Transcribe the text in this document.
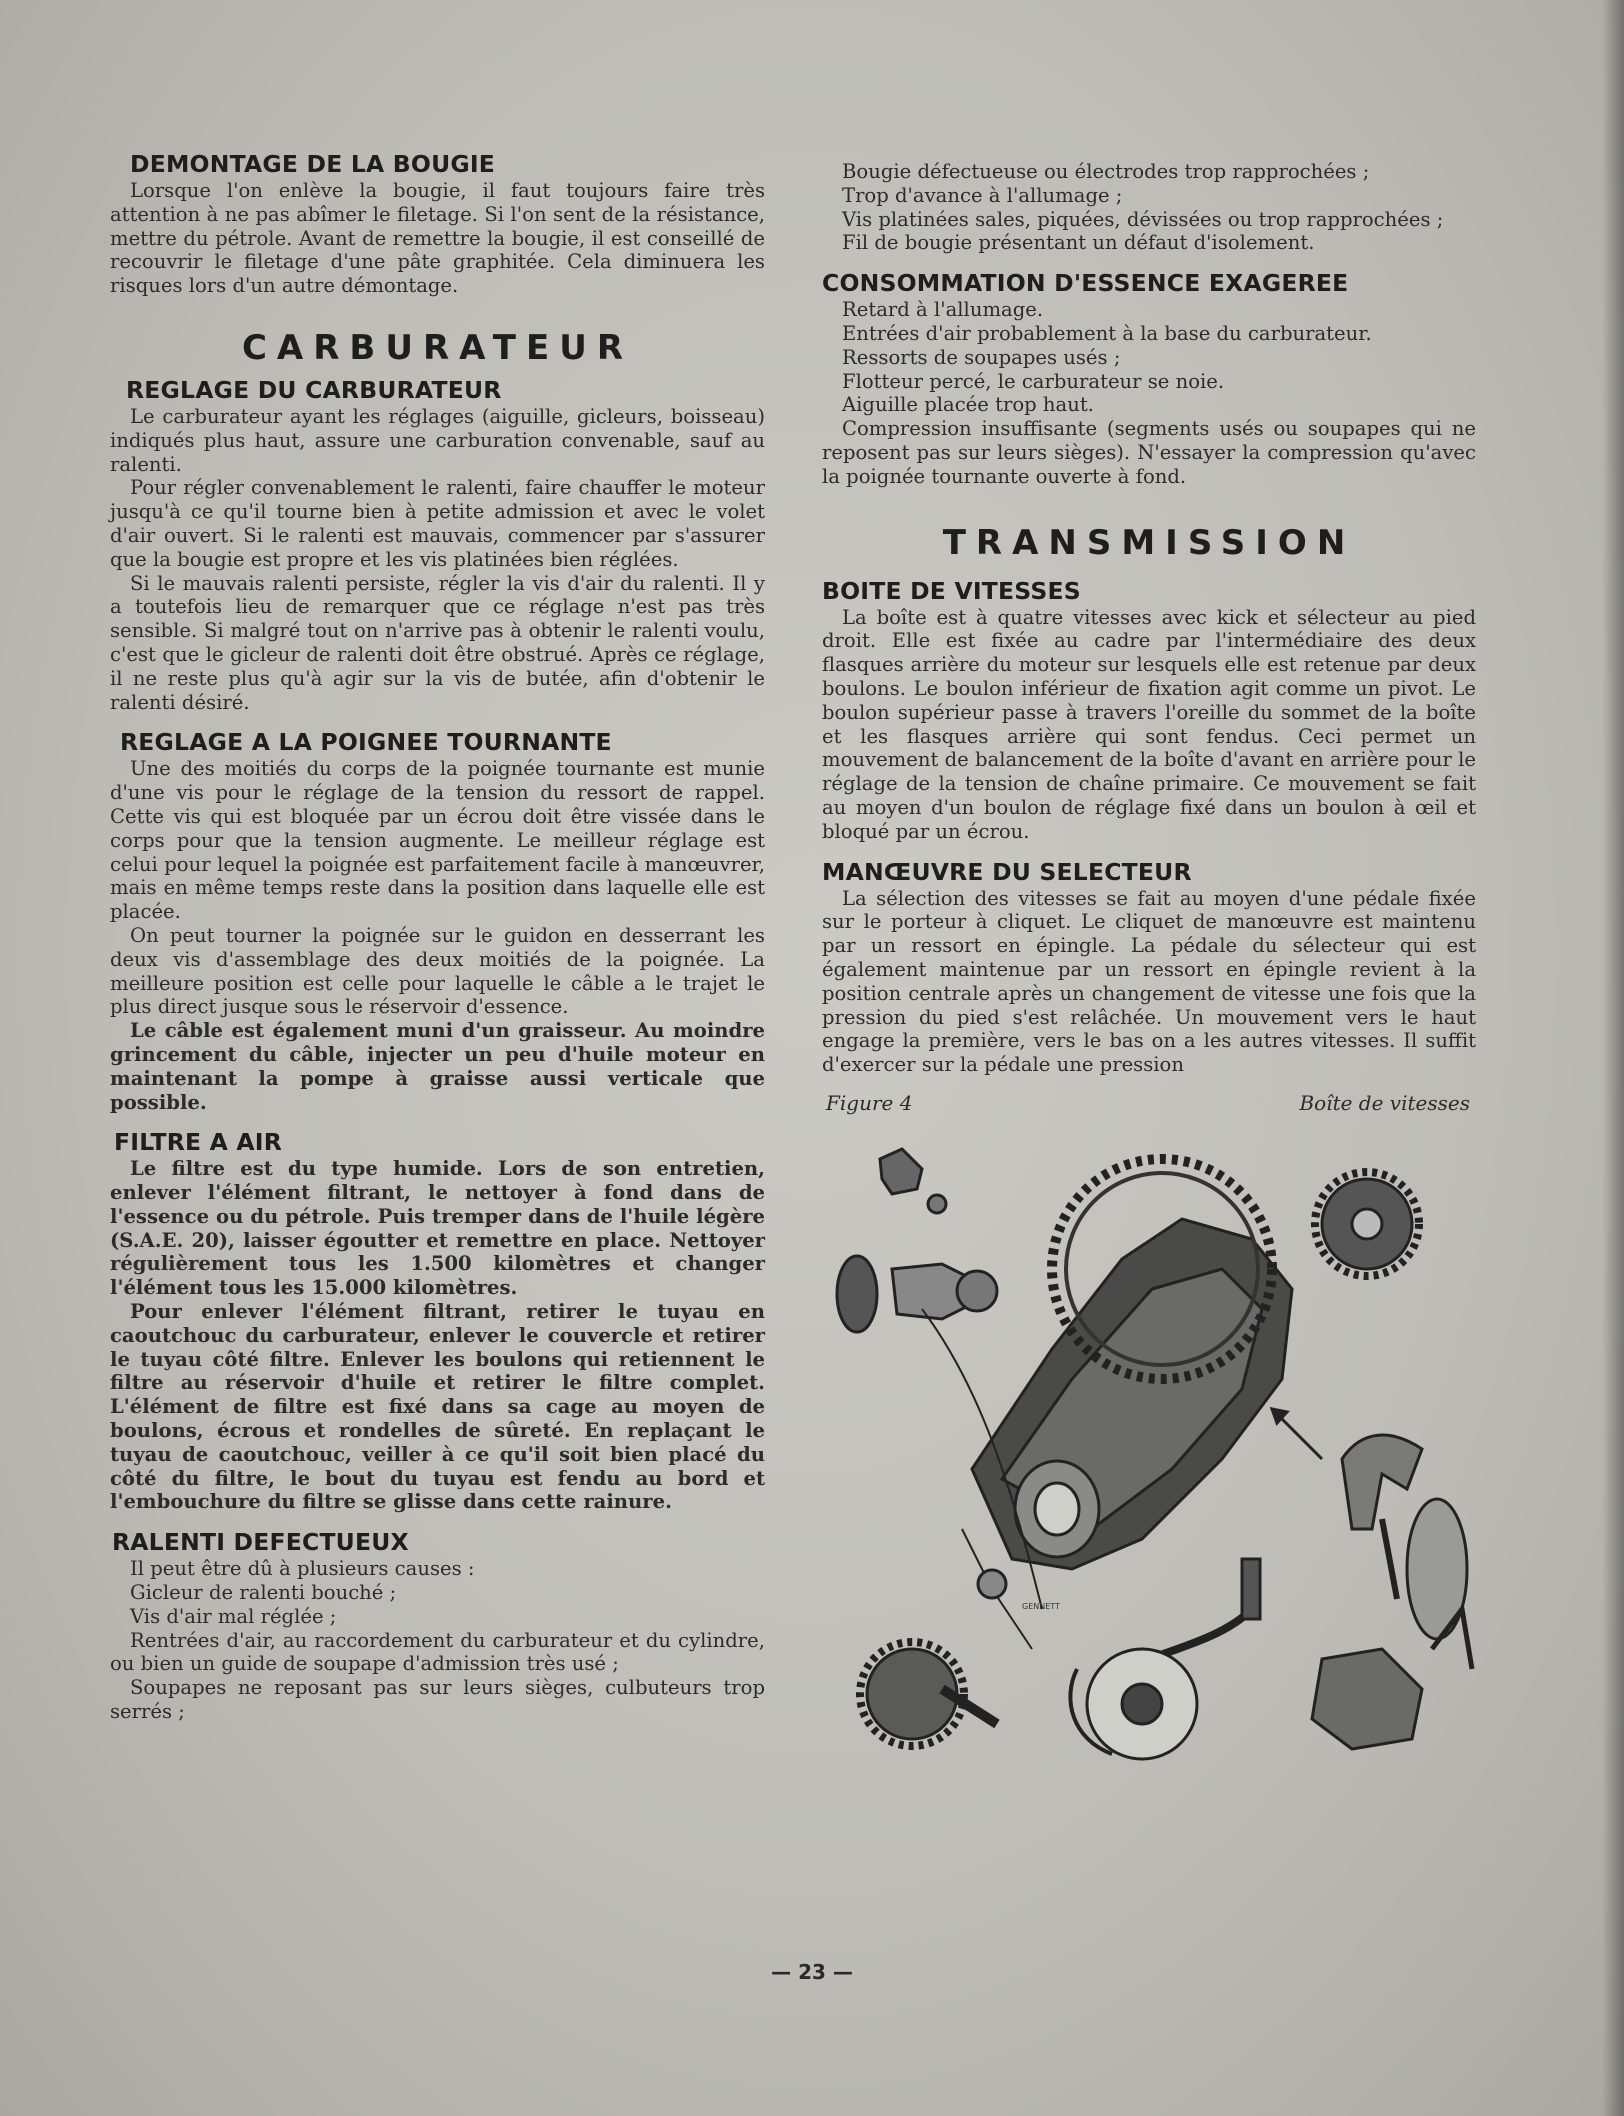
DEMONTAGE DE LA BOUGIE

Lorsque l'on enlève la bougie, il faut toujours faire très attention à ne pas abîmer le filetage. Si l'on sent de la résistance, mettre du pétrole. Avant de remettre la bougie, il est conseillé de recouvrir le filetage d'une pâte graphitée. Cela diminuera les risques lors d'un autre démontage.

CARBURATEUR
REGLAGE DU CARBURATEUR

Le carburateur ayant les réglages (aiguille, gicleurs, boisseau) indiqués plus haut, assure une carburation convenable, sauf au ralenti.

Pour régler convenablement le ralenti, faire chauffer le moteur jusqu'à ce qu'il tourne bien à petite admission et avec le volet d'air ouvert. Si le ralenti est mauvais, commencer par s'assurer que la bougie est propre et les vis platinées bien réglées.

Si le mauvais ralenti persiste, régler la vis d'air du ralenti. Il y a toutefois lieu de remarquer que ce réglage n'est pas très sensible. Si malgré tout on n'arrive pas à obtenir le ralenti voulu, c'est que le gicleur de ralenti doit être obstrué. Après ce réglage, il ne reste plus qu'à agir sur la vis de butée, afin d'obtenir le ralenti désiré.

REGLAGE A LA POIGNEE TOURNANTE

Une des moitiés du corps de la poignée tournante est munie d'une vis pour le réglage de la tension du ressort de rappel. Cette vis qui est bloquée par un écrou doit être vissée dans le corps pour que la tension augmente. Le meilleur réglage est celui pour lequel la poignée est parfaitement facile à manœuvrer, mais en même temps reste dans la position dans laquelle elle est placée.

On peut tourner la poignée sur le guidon en desserrant les deux vis d'assemblage des deux moitiés de la poignée. La meilleure position est celle pour laquelle le câble a le trajet le plus direct jusque sous le réservoir d'essence.

Le câble est également muni d'un graisseur. Au moindre grincement du câble, injecter un peu d'huile moteur en maintenant la pompe à graisse aussi verticale que possible.

FILTRE A AIR

Le filtre est du type humide. Lors de son entretien, enlever l'élément filtrant, le nettoyer à fond dans de l'essence ou du pétrole. Puis tremper dans de l'huile légère (S.A.E. 20), laisser égoutter et remettre en place. Nettoyer régulièrement tous les 1.500 kilomètres et changer l'élément tous les 15.000 kilomètres.

Pour enlever l'élément filtrant, retirer le tuyau en caoutchouc du carburateur, enlever le couvercle et retirer le tuyau côté filtre. Enlever les boulons qui retiennent le filtre au réservoir d'huile et retirer le filtre complet. L'élément de filtre est fixé dans sa cage au moyen de boulons, écrous et rondelles de sûreté. En replaçant le tuyau de caoutchouc, veiller à ce qu'il soit bien placé du côté du filtre, le bout du tuyau est fendu au bord et l'embouchure du filtre se glisse dans cette rainure.

RALENTI DEFECTUEUX

Il peut être dû à plusieurs causes :

Gicleur de ralenti bouché ;

Vis d'air mal réglée ;

Rentrées d'air, au raccordement du carburateur et du cylindre, ou bien un guide de soupape d'admission très usé ;

Soupapes ne reposant pas sur leurs sièges, culbuteurs trop serrés ;

Bougie défectueuse ou électrodes trop rapprochées ;

Trop d'avance à l'allumage ;

Vis platinées sales, piquées, dévissées ou trop rapprochées ;

Fil de bougie présentant un défaut d'isolement.

CONSOMMATION D'ESSENCE EXAGEREE

Retard à l'allumage.

Entrées d'air probablement à la base du carburateur.

Ressorts de soupapes usés ;

Flotteur percé, le carburateur se noie.

Aiguille placée trop haut.

Compression insuffisante (segments usés ou soupapes qui ne reposent pas sur leurs sièges). N'essayer la compression qu'avec la poignée tournante ouverte à fond.

TRANSMISSION
BOITE DE VITESSES

La boîte est à quatre vitesses avec kick et sélecteur au pied droit. Elle est fixée au cadre par l'intermédiaire des deux flasques arrière du moteur sur lesquels elle est retenue par deux boulons. Le boulon inférieur de fixation agit comme un pivot. Le boulon supérieur passe à travers l'oreille du sommet de la boîte et les flasques arrière qui sont fendus. Ceci permet un mouvement de balancement de la boîte d'avant en arrière pour le réglage de la tension de chaîne primaire. Ce mouvement se fait au moyen d'un boulon de réglage fixé dans un boulon à œil et bloqué par un écrou.

MANŒUVRE DU SELECTEUR

La sélection des vitesses se fait au moyen d'une pédale fixée sur le porteur à cliquet. Le cliquet de manœuvre est maintenu par un ressort en épingle. La pédale du sélecteur qui est également maintenue par un ressort en épingle revient à la position centrale après un changement de vitesse une fois que la pression du pied s'est relâchée. Un mouvement vers le haut engage la première, vers le bas on a les autres vitesses. Il suffit d'exercer sur la pédale une pression

Figure 4	Boîte de vitesses
GENNETT
— 23 —
